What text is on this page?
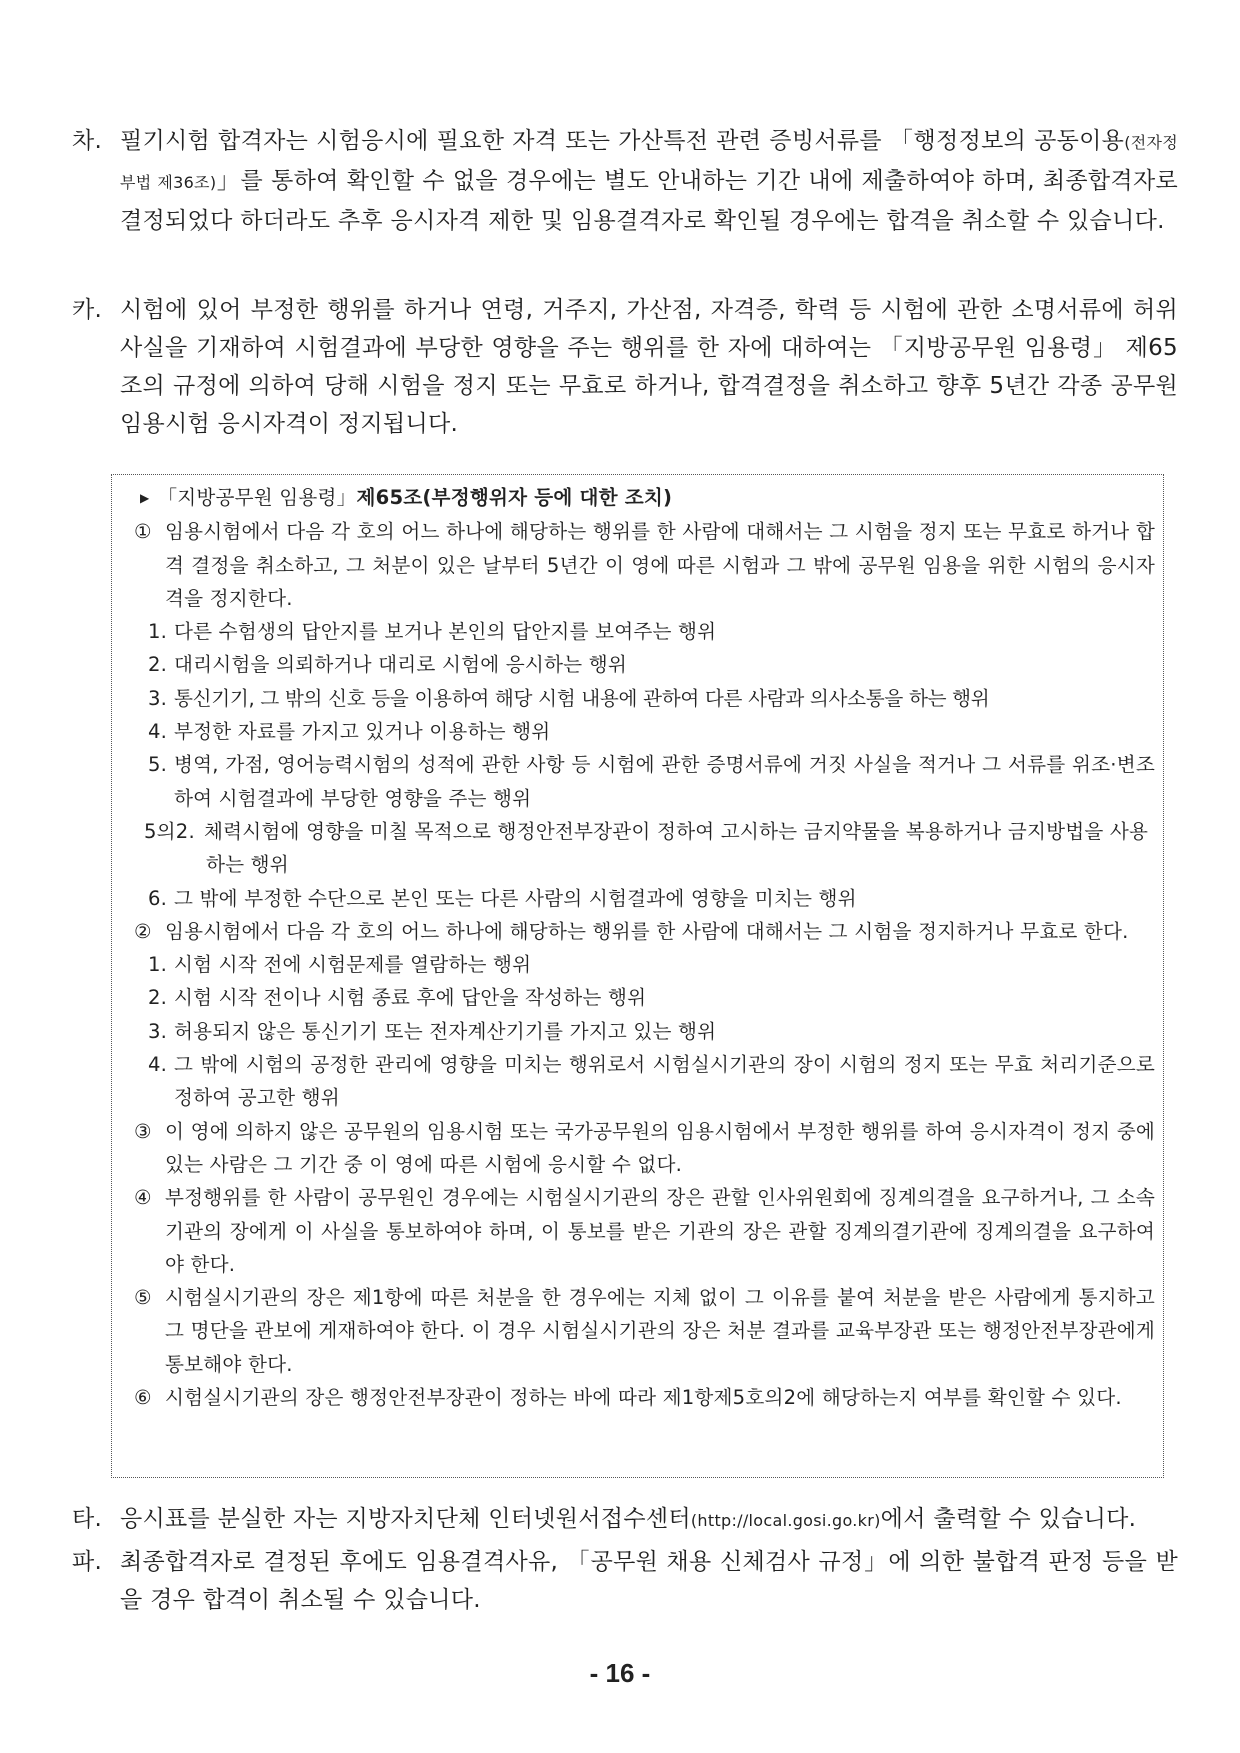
차. 필기시험 합격자는 시험응시에 필요한 자격 또는 가산특전 관련 증빙서류를 「행정정보의 공동이용(전자정부법 제36조)」를 통하여 확인할 수 없을 경우에는 별도 안내하는 기간 내에 제출하여야 하며, 최종합격자로 결정되었다 하더라도 추후 응시자격 제한 및 임용결격자로 확인될 경우에는 합격을 취소할 수 있습니다.
카. 시험에 있어 부정한 행위를 하거나 연령, 거주지, 가산점, 자격증, 학력 등 시험에 관한 소명서류에 허위사실을 기재하여 시험결과에 부당한 영향을 주는 행위를 한 자에 대하여는 「지방공무원 임용령」 제65조의 규정에 의하여 당해 시험을 정지 또는 무효로 하거나, 합격결정을 취소하고 향후 5년간 각종 공무원임용시험 응시자격이 정지됩니다.
▶ 「지방공무원 임용령」제65조(부정행위자 등에 대한 조치)
① 임용시험에서 다음 각 호의 어느 하나에 해당하는 행위를 한 사람에 대해서는 그 시험을 정지 또는 무효로 하거나 합격 결정을 취소하고, 그 처분이 있은 날부터 5년간 이 영에 따른 시험과 그 밖에 공무원 임용을 위한 시험의 응시자격을 정지한다.
1. 다른 수험생의 답안지를 보거나 본인의 답안지를 보여주는 행위
2. 대리시험을 의뢰하거나 대리로 시험에 응시하는 행위
3. 통신기기, 그 밖의 신호 등을 이용하여 해당 시험 내용에 관하여 다른 사람과 의사소통을 하는 행위
4. 부정한 자료를 가지고 있거나 이용하는 행위
5. 병역, 가점, 영어능력시험의 성적에 관한 사항 등 시험에 관한 증명서류에 거짓 사실을 적거나 그 서류를 위조·변조하여 시험결과에 부당한 영향을 주는 행위
5의2. 체력시험에 영향을 미칠 목적으로 행정안전부장관이 정하여 고시하는 금지약물을 복용하거나 금지방법을 사용하는 행위
6. 그 밖에 부정한 수단으로 본인 또는 다른 사람의 시험결과에 영향을 미치는 행위
② 임용시험에서 다음 각 호의 어느 하나에 해당하는 행위를 한 사람에 대해서는 그 시험을 정지하거나 무효로 한다.
1. 시험 시작 전에 시험문제를 열람하는 행위
2. 시험 시작 전이나 시험 종료 후에 답안을 작성하는 행위
3. 허용되지 않은 통신기기 또는 전자계산기기를 가지고 있는 행위
4. 그 밖에 시험의 공정한 관리에 영향을 미치는 행위로서 시험실시기관의 장이 시험의 정지 또는 무효 처리기준으로 정하여 공고한 행위
③ 이 영에 의하지 않은 공무원의 임용시험 또는 국가공무원의 임용시험에서 부정한 행위를 하여 응시자격이 정지 중에 있는 사람은 그 기간 중 이 영에 따른 시험에 응시할 수 없다.
④ 부정행위를 한 사람이 공무원인 경우에는 시험실시기관의 장은 관할 인사위원회에 징계의결을 요구하거나, 그 소속 기관의 장에게 이 사실을 통보하여야 하며, 이 통보를 받은 기관의 장은 관할 징계의결기관에 징계의결을 요구하여야 한다.
⑤ 시험실시기관의 장은 제1항에 따른 처분을 한 경우에는 지체 없이 그 이유를 붙여 처분을 받은 사람에게 통지하고 그 명단을 관보에 게재하여야 한다. 이 경우 시험실시기관의 장은 처분 결과를 교육부장관 또는 행정안전부장관에게 통보해야 한다.
⑥ 시험실시기관의 장은 행정안전부장관이 정하는 바에 따라 제1항제5호의2에 해당하는지 여부를 확인할 수 있다.
타. 응시표를 분실한 자는 지방자치단체 인터넷원서접수센터(http://local.gosi.go.kr)에서 출력할 수 있습니다.
파. 최종합격자로 결정된 후에도 임용결격사유, 「공무원 채용 신체검사 규정」에 의한 불합격 판정 등을 받을 경우 합격이 취소될 수 있습니다.
- 16 -
